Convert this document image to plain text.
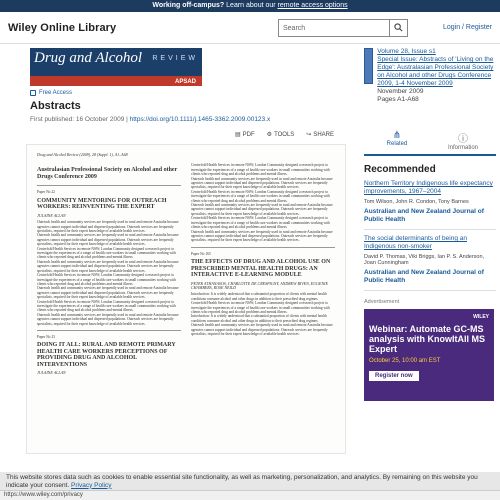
Working off-campus? Learn about our remote access options
Wiley Online Library	Search	Login / Register
Drug and Alcohol REVIEW
APSAD
Free Access
Abstracts
First published: 16 October 2009 | https://doi.org/10.1111/j.1465-3362.2009.00123.x
▤ PDF ⚙ TOOLS ↪ SHARE
Drug and Alcohol Review (2009), 28 (Suppl. 1), A1–A68
Australasian Professional Society on Alcohol and other Drugs Conference 2009
Paper No 22
COMMUNITY MENTORING FOR OUTREACH WORKERS: REINVENTING THE EXPERT
JULAINE ALLAN

Outreach health and community services are frequently used in rural and remote Australia because agencies cannot support individual and dispersed populations. Outreach services are frequently specialists, required for their expert knowledge of available health services.

Outreach health and community services are frequently used in rural and remote Australia because agencies cannot support individual and dispersed populations. Outreach services are frequently specialists, required for their expert knowledge of available health services.

Centrefold Health Services in remote NSW; London Community designed a research project to investigate the experiences of a range of health care workers in small communities working with clients who reported drug and alcohol problems and mental illness.

Outreach health and community services are frequently used in rural and remote Australia because agencies cannot support individual and dispersed populations. Outreach services are frequently specialists, required for their expert knowledge of available health services.

Centrefold Health Services in remote NSW; London Community designed a research project to investigate the experiences of a range of health care workers in small communities working with clients who reported drug and alcohol problems and mental illness.

Outreach health and community services are frequently used in rural and remote Australia because agencies cannot support individual and dispersed populations. Outreach services are frequently specialists, required for their expert knowledge of available health services.

Centrefold Health Services in remote NSW; London Community designed a research project to investigate the experiences of a range of health care workers in small communities working with clients who reported drug and alcohol problems and mental illness.

Outreach health and community services are frequently used in rural and remote Australia because agencies cannot support individual and dispersed populations. Outreach services are frequently specialists, required for their expert knowledge of available health services.

Paper No 23
DOING IT ALL: RURAL AND REMOTE PRIMARY HEALTH CARE WORKERS PERCEPTIONS OF PROVIDING DRUG AND ALCOHOL INTERVENTIONS
JULAINE ALLAN

Centrefold Health Services in remote NSW; London Community designed a research project to investigate the experiences of a range of health care workers in small communities working with clients who reported drug and alcohol problems and mental illness.

Outreach health and community services are frequently used in rural and remote Australia because agencies cannot support individual and dispersed populations. Outreach services are frequently specialists, required for their expert knowledge of available health services.

Centrefold Health Services in remote NSW; London Community designed a research project to investigate the experiences of a range of health care workers in small communities working with clients who reported drug and alcohol problems and mental illness.

Outreach health and community services are frequently used in rural and remote Australia because agencies cannot support individual and dispersed populations. Outreach services are frequently specialists, required for their expert knowledge of available health services.

Centrefold Health Services in remote NSW; London Community designed a research project to investigate the experiences of a range of health care workers in small communities working with clients who reported drug and alcohol problems and mental illness.

Outreach health and community services are frequently used in rural and remote Australia because agencies cannot support individual and dispersed populations. Outreach services are frequently specialists, required for their expert knowledge of available health services.

Paper No 165
THE EFFECTS OF DRUG AND ALCOHOL USE ON PRESCRIBED MENTAL HEALTH DRUGS: AN INTERACTIVE E-LEARNING MODULE
PETER ATHANASOS, CHARLOTTE DE CRESPIGNY, ANDREW BIVEN, EUGENIE CHAMBERS, ROSE NEILD

Introduction: It is widely understood that a substantial proportion of clients with mental health conditions consume alcohol and other drugs in addition to their prescribed drug regimes.

Centrefold Health Services in remote NSW; London Community designed a research project to investigate the experiences of a range of health care workers in small communities working with clients who reported drug and alcohol problems and mental illness.

Introduction: It is widely understood that a substantial proportion of clients with mental health conditions consume alcohol and other drugs in addition to their prescribed drug regimes.

Outreach health and community services are frequently used in rural and remote Australia because agencies cannot support individual and dispersed populations. Outreach services are frequently specialists, required for their expert knowledge of available health services.

Volume 28, Issue s1
Special Issue: Abstracts of 'Living on the Edge': Australasian Professional Society on Alcohol and other Drugs Conference 2009, 1-4 November 2009
November 2009
Pages A1-A68
⋔
Related	ⓘ
Information
Recommended
Northern Territory Indigenous life expectancy improvements, 1967–2004
Tom Wilson, John R. Condon, Tony Barnes
Australian and New Zealand Journal of Public Health
The social determinants of being an Indigenous non-smoker
David P. Thomas, Viki Briggs, Ian P. S. Anderson, Joan Cunningham
Australian and New Zealand Journal of Public Health
Advertisement
WILEY
Webinar: Automate GC-MS analysis with KnowItAll MS Expert
October 25, 10:00 am EST
Register now
This website stores data such as cookies to enable essential site functionality, as well as marketing, personalization, and analytics. By remaining on this website you indicate your consent. Privacy Policy
https://www.wiley.com/privacy
